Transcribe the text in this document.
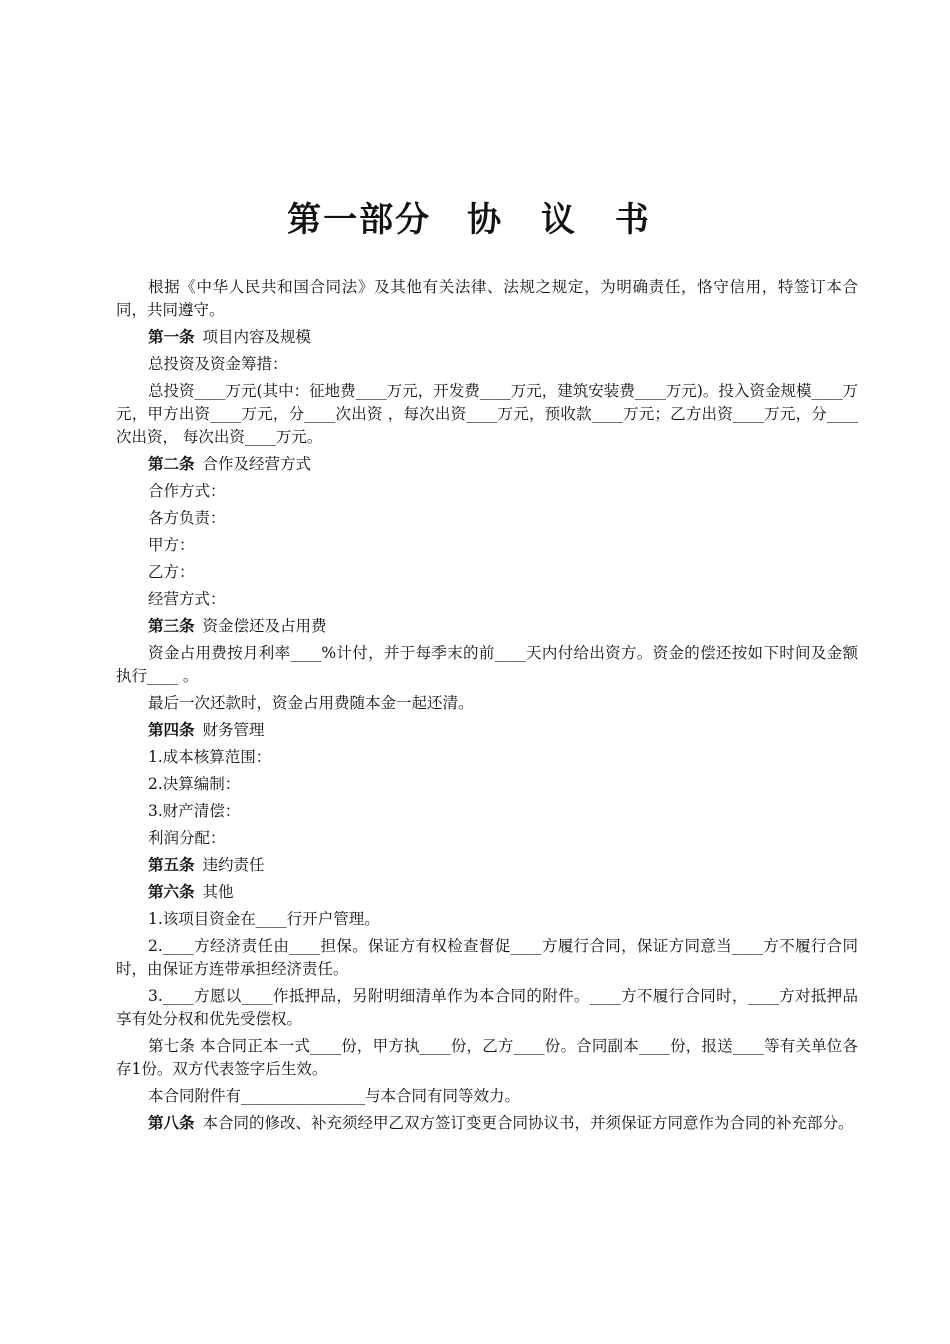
第一部分 协 议 书

根据《中华人民共和国合同法》及其他有关法律、法规之规定，为明确责任，恪守信用，特签订本合同，共同遵守。

第一条 项目内容及规模

总投资及资金筹措：

总投资____万元(其中：征地费____万元，开发费____万元，建筑安装费____万元)。投入资金规模____万元，甲方出资____万元，分____次出资 ，每次出资____万元，预收款____万元；乙方出资____万元，分____次出资， 每次出资____万元。

第二条 合作及经营方式

合作方式：

各方负责：

甲方：

乙方：

经营方式：

第三条 资金偿还及占用费

资金占用费按月利率____%计付，并于每季末的前____天内付给出资方。资金的偿还按如下时间及金额执行____ 。

最后一次还款时，资金占用费随本金一起还清。

第四条 财务管理

1.成本核算范围：

2.决算编制：

3.财产清偿：

利润分配：

第五条 违约责任

第六条 其他

1.该项目资金在____行开户管理。

2.____方经济责任由____担保。保证方有权检查督促____方履行合同，保证方同意当____方不履行合同时，由保证方连带承担经济责任。

3.____方愿以____作抵押品，另附明细清单作为本合同的附件。____方不履行合同时，____方对抵押品享有处分权和优先受偿权。

第七条 本合同正本一式____份，甲方执____份，乙方____份。合同副本____份，报送____等有关单位各存1份。双方代表签字后生效。

本合同附件有________________与本合同有同等效力。

第八条 本合同的修改、补充须经甲乙双方签订变更合同协议书，并须保证方同意作为合同的补充部分。
